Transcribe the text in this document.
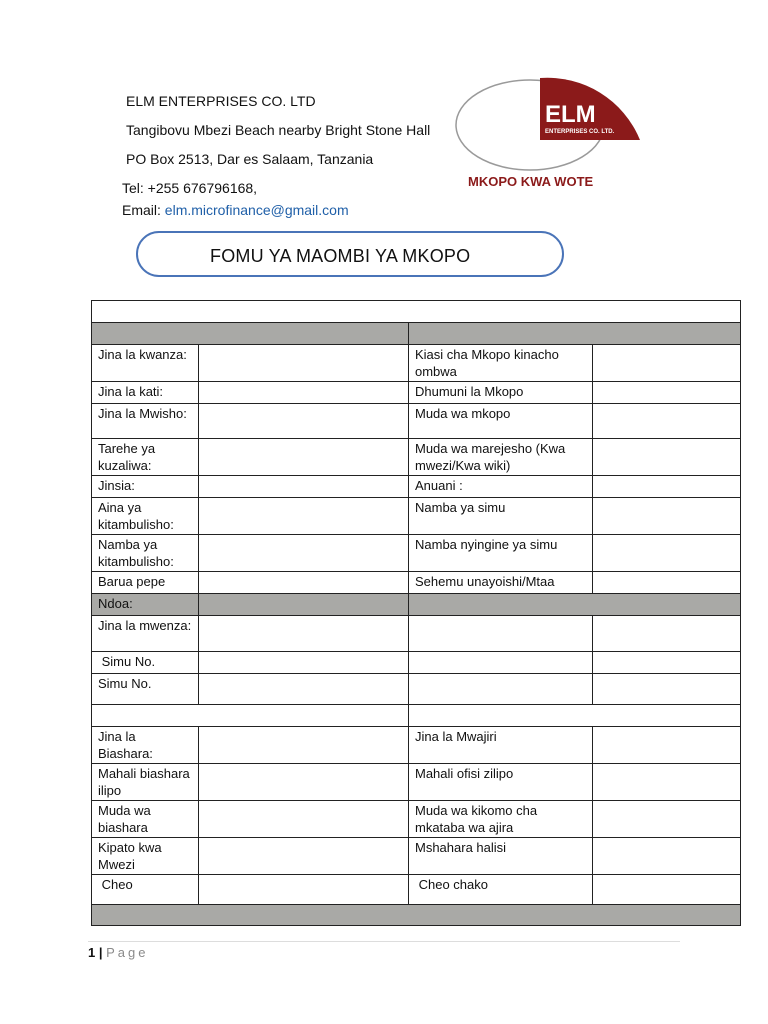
ELM ENTERPRISES CO. LTD
Tangibovu Mbezi Beach nearby Bright Stone Hall
PO Box 2513, Dar es Salaam, Tanzania
Tel: +255 676796168,
Email: elm.microfinance@gmail.com
ELM
ENTERPRISES CO. LTD.
MKOPO KWA WOTE
FOMU YA MAOMBI YA MKOPO

Jina la kwanza:		Kiasi cha Mkopo kinacho ombwa	
Jina la kati:		Dhumuni la Mkopo	
Jina la Mwisho:		Muda wa mkopo	
Tarehe ya kuzaliwa:		Muda wa marejesho (Kwa mwezi/Kwa wiki)	
Jinsia:		Anuani :	
Aina ya kitambulisho:		Namba ya simu	
Namba ya kitambulisho:		Namba nyingine ya simu	
Barua pepe		Sehemu unayoishi/Mtaa	
Ndoa:			
Jina la mwenza:			
Simu No.			
Simu No.			

Jina la Biashara:		Jina la Mwajiri	
Mahali biashara ilipo		Mahali ofisi zilipo	
Muda wa biashara		Muda wa kikomo cha mkataba wa ajira	
Kipato kwa Mwezi		Mshahara halisi	
Cheo		Cheo chako	

1 | Page
